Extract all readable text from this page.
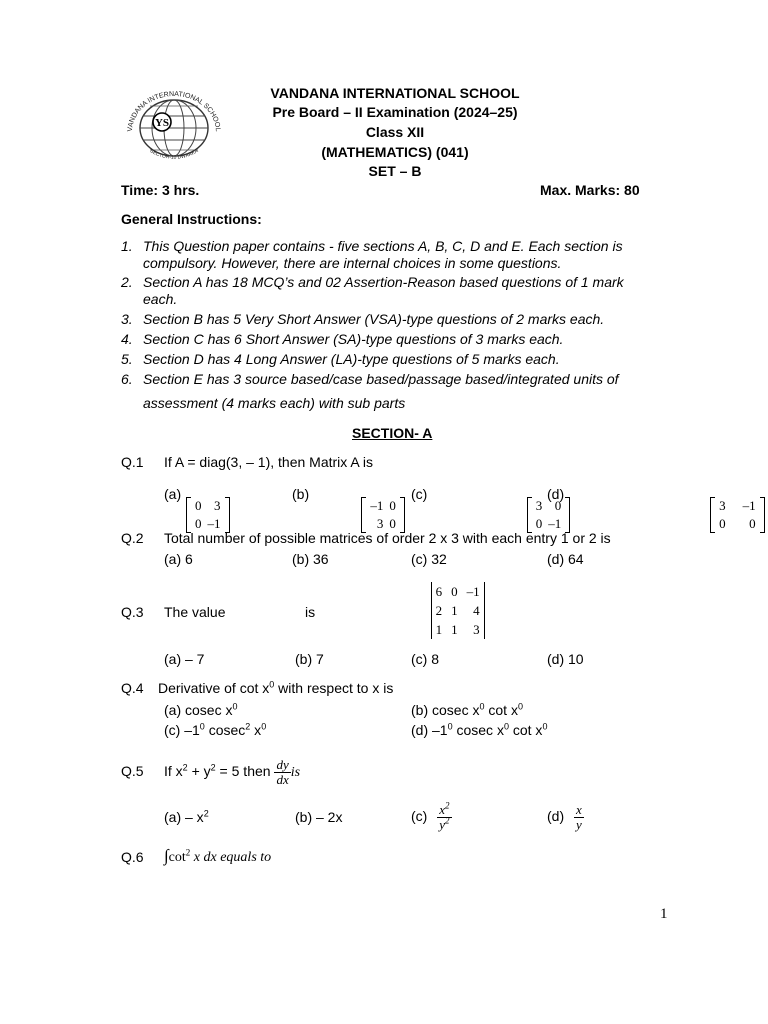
YS
VANDANA INTERNATIONAL SCHOOL
SECTOR-10 DWARKA
VANDANA INTERNATIONAL SCHOOL
Pre Board – II Examination (2024–25)
Class XII
(MATHEMATICS) (041)
SET – B
Time: 3 hrs.	Max. Marks: 80
General Instructions:
1. This Question paper contains - five sections A, B, C, D and E. Each section is compulsory. However, there are internal choices in some questions.
2. Section A has 18 MCQ’s and 02 Assertion-Reason based questions of 1 mark each.
3. Section B has 5 Very Short Answer (VSA)-type questions of 2 marks each.
4. Section C has 6 Short Answer (SA)-type questions of 3 marks each.
5. Section D has 4 Long Answer (LA)-type questions of 5 marks each.
6. Section E has 3 source based/case based/passage based/integrated units of
assessment (4 marks each) with sub parts
SECTION- A
Q.1 If A = diag(3, – 1), then Matrix A is
(a)
0	3
0	–1

(b)
–1	0
3	0

(c)
3	0
0	–1

(d)
3	–1
0	0

Q.2 Total number of possible matrices of order 2 x 3 with each entry 1 or 2 is
(a) 6	(b) 36	(c) 32	(d) 64
Q.3 The value
6	0	–1
2	1	4
1	1	3
is
(a) – 7	(b) 7	(c) 8	(d) 10
Q.4 Derivative of $\cot x^0$ with respect to x is
(a) cosec $x^0$	(b) cosec $x^0$ $\cot x^0$
(c) $-1^0$ cosec$^2$ $x^0$	(d) $-1^0$ cosec $x^0$ $\cot x^0$
Q.5 If $x^2 + y^2 = 5$ then $\frac{dy}{dx}$ is
$(a) - x^2$	(b) – 2x	$(c) \frac{x^2}{y^2}$	$(d) \frac{x}{y}$
Q.6 $\int\cot^2$ x dx equals to
1
